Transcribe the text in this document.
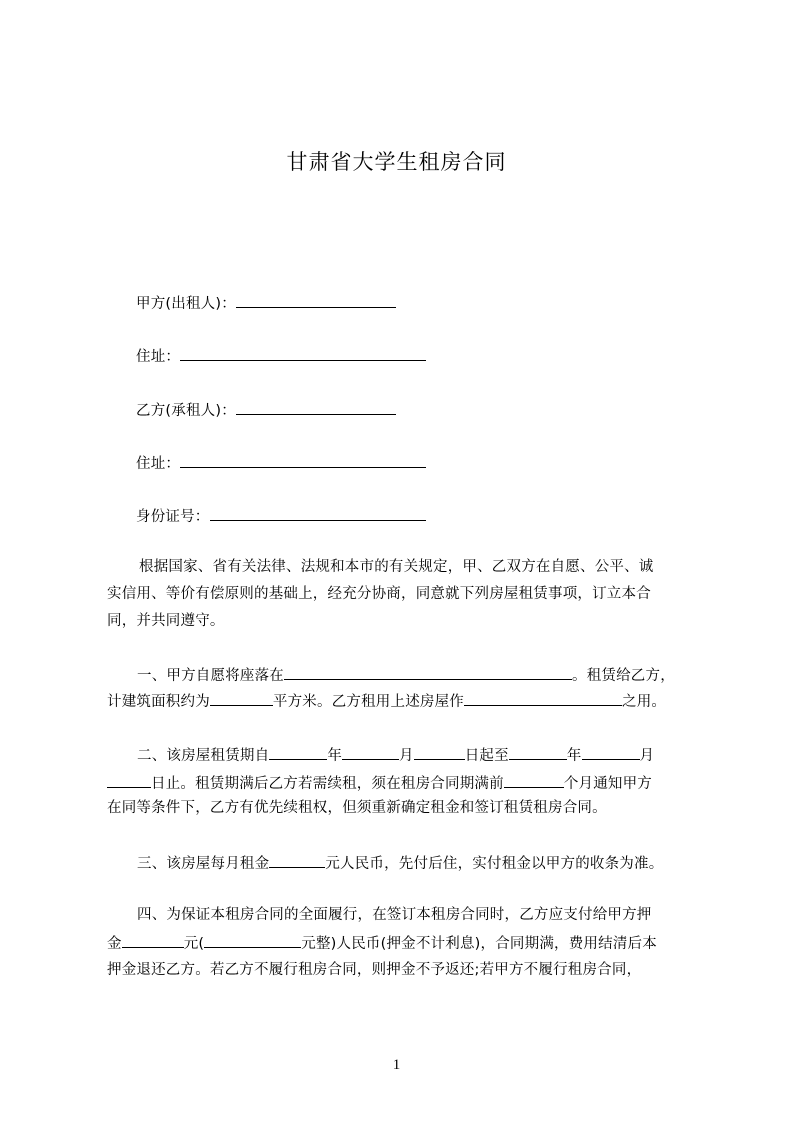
甘肃省大学生租房合同
甲方(出租人)：
住址：
乙方(承租人)：
住址：
身份证号：
根据国家、省有关法律、法规和本市的有关规定，甲、乙双方在自愿、公平、诚
实信用、等价有偿原则的基础上，经充分协商，同意就下列房屋租赁事项，订立本合
同，并共同遵守。
一、甲方自愿将座落在	。租赁给乙方，
计建筑面积约为	平方米。乙方租用上述房屋作	之用。
二、该房屋租赁期自	年	月	日起至	年	月
日止。租赁期满后乙方若需续租，须在租房合同期满前	个月通知甲方
在同等条件下，乙方有优先续租权，但须重新确定租金和签订租赁租房合同。
三、该房屋每月租金	元人民币，先付后住，实付租金以甲方的收条为准。
四、为保证本租房合同的全面履行，在签订本租房合同时，乙方应支付给甲方押
金	元(	元整)人民币(押金不计利息)，合同期满，费用结清后本
押金退还乙方。若乙方不履行租房合同，则押金不予返还;若甲方不履行租房合同，
1
